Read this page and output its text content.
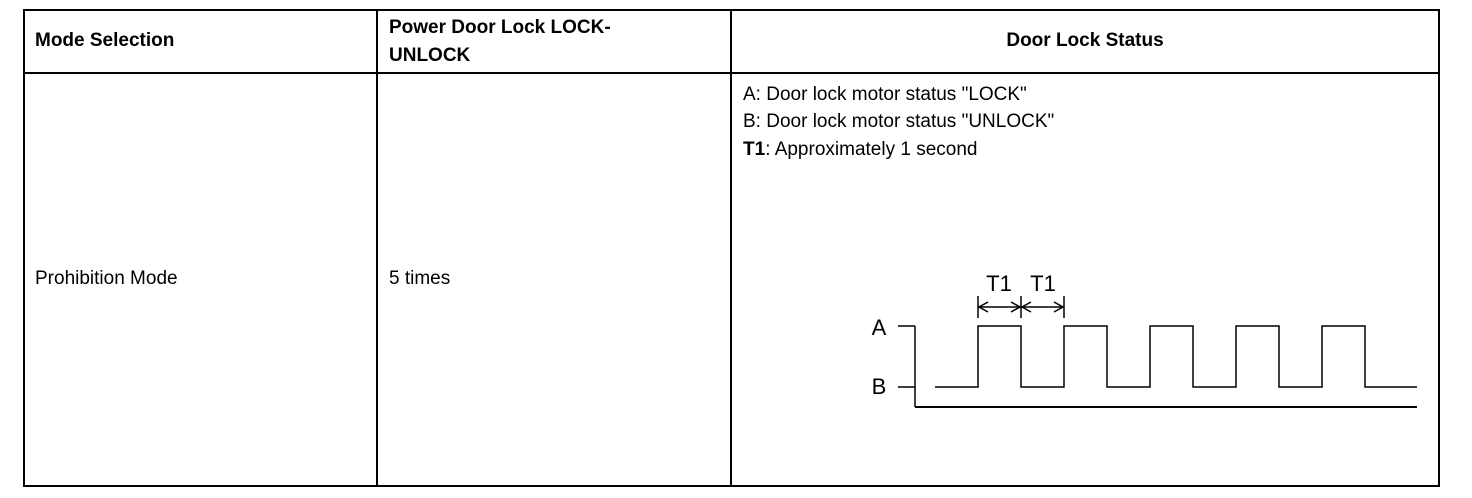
Mode Selection
Power Door Lock LOCK-
UNLOCK
Door Lock Status
Prohibition Mode	5 times
A: Door lock motor status "LOCK"
B: Door lock motor status "UNLOCK"
T1: Approximately 1 second
A
B
T1 T1
